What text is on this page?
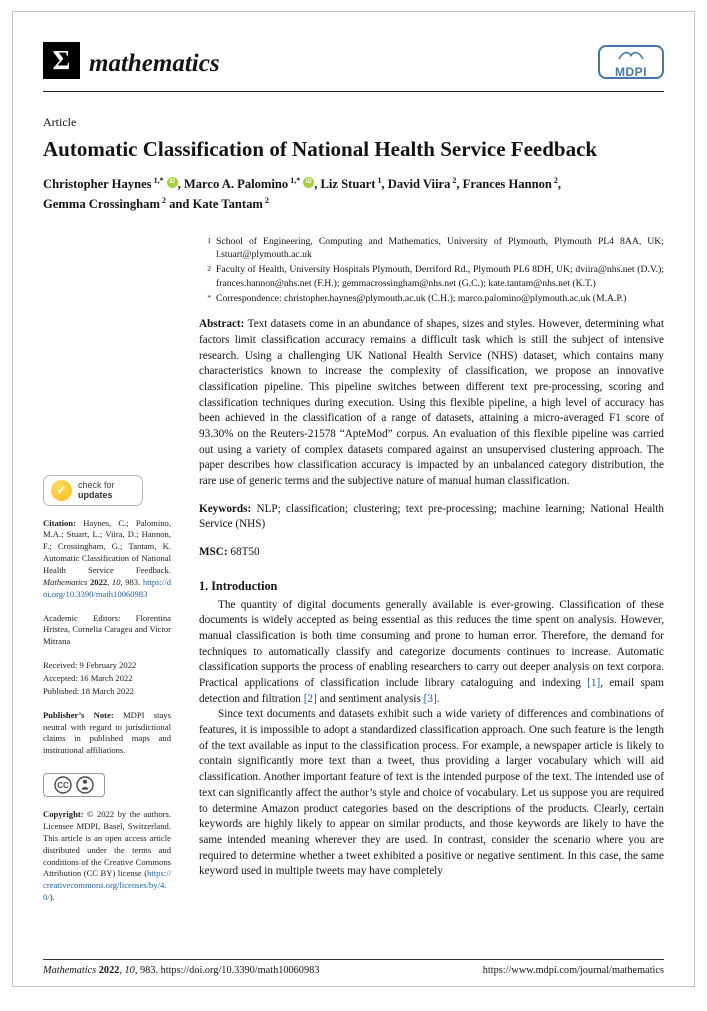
Σ mathematics	MDPI
Article
Automatic Classification of National Health Service Feedback
Christopher Haynes $^{1,*}$ iD , Marco A. Palomino $^{1,*}$ iD , Liz Stuart $^1$, David Viira $^2$, Frances Hannon $^2$,
Gemma Crossingham $^2$ and Kate Tantam $^2$
✓	check for
updates
Citation: Haynes, C.; Palomino, M.A.; Stuart, L.; Viira, D.; Hannon, F.; Crossingham, G.; Tantam, K. Automatic Classification of National Health Service Feedback. Mathematics 2022, 10, 983. https://doi.org/10.3390/math10060983
Academic Editors: Florentina Hristea, Cornelia Caragea and Victor Mitrana
Received: 9 February 2022
Accepted: 16 March 2022
Published: 18 March 2022
Publisher’s Note: MDPI stays neutral with regard to jurisdictional claims in published maps and institutional affiliations.
CC
Copyright: © 2022 by the authors. Licensee MDPI, Basel, Switzerland. This article is an open access article distributed under the terms and conditions of the Creative Commons Attribution (CC BY) license (https://creativecommons.org/licenses/by/4.0/).
1 School of Engineering, Computing and Mathematics, University of Plymouth, Plymouth PL4 8AA, UK; l.stuart@plymouth.ac.uk
2 Faculty of Health, University Hospitals Plymouth, Derriford Rd., Plymouth PL6 8DH, UK; dviira@nhs.net (D.V.); frances.hannon@nhs.net (F.H.); gemmacrossingham@nhs.net (G.C.); kate.tantam@nhs.net (K.T.)
* Correspondence: christopher.haynes@plymouth.ac.uk (C.H.); marco.palomino@plymouth.ac.uk (M.A.P.)

Abstract: Text datasets come in an abundance of shapes, sizes and styles. However, determining what factors limit classification accuracy remains a difficult task which is still the subject of intensive research. Using a challenging UK National Health Service (NHS) dataset, which contains many characteristics known to increase the complexity of classification, we propose an innovative classification pipeline. This pipeline switches between different text pre-processing, scoring and classification techniques during execution. Using this flexible pipeline, a high level of accuracy has been achieved in the classification of a range of datasets, attaining a micro-averaged F1 score of 93.30% on the Reuters-21578 “ApteMod” corpus. An evaluation of this flexible pipeline was carried out using a variety of complex datasets compared against an unsupervised clustering approach. The paper describes how classification accuracy is impacted by an unbalanced category distribution, the rare use of generic terms and the subjective nature of manual human classification.

Keywords: NLP; classification; clustering; text pre-processing; machine learning; National Health Service (NHS)

MSC: 68T50

1. Introduction

The quantity of digital documents generally available is ever-growing. Classification of these documents is widely accepted as being essential as this reduces the time spent on analysis. However, manual classification is both time consuming and prone to human error. Therefore, the demand for techniques to automatically classify and categorize documents continues to increase. Automatic classification supports the process of enabling researchers to carry out deeper analysis on text corpora. Practical applications of classification include library cataloguing and indexing [1], email spam detection and filtration [2] and sentiment analysis [3].

Since text documents and datasets exhibit such a wide variety of differences and combinations of features, it is impossible to adopt a standardized classification approach. One such feature is the length of the text available as input to the classification process. For example, a newspaper article is likely to contain significantly more text than a tweet, thus providing a larger vocabulary which will aid classification. Another important feature of text is the intended purpose of the text. The intended use of text can significantly affect the author’s style and choice of vocabulary. Let us suppose you are required to determine Amazon product categories based on the descriptions of the products. Clearly, certain keywords are highly likely to appear on similar products, and those keywords are likely to have the same intended meaning wherever they are used. In contrast, consider the scenario where you are required to determine whether a tweet exhibited a positive or negative sentiment. In this case, the same keyword used in multiple tweets may have completely

Mathematics 2022, 10, 983. https://doi.org/10.3390/math10060983	https://www.mdpi.com/journal/mathematics
